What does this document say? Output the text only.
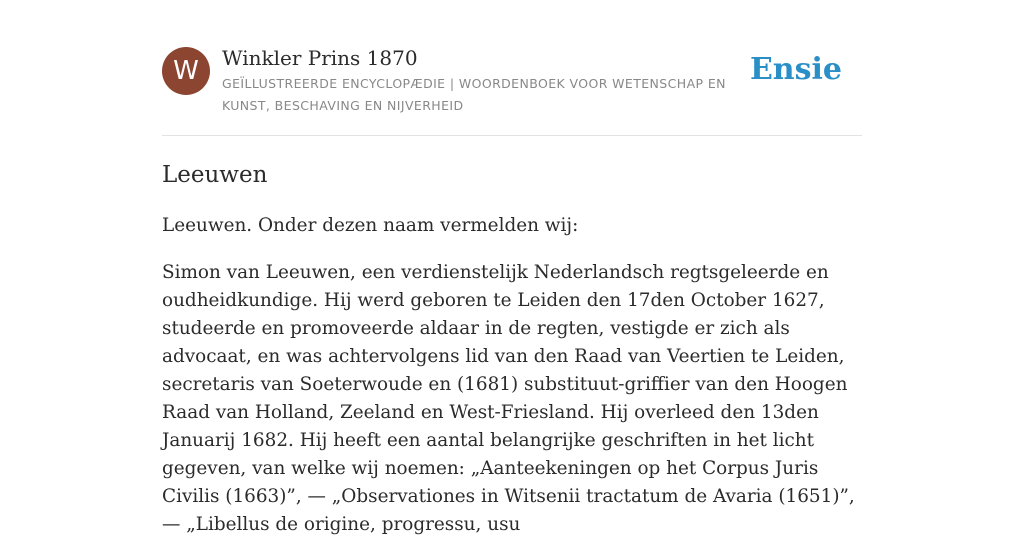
W	Winkler Prins 1870
GEÏLLUSTREERDE ENCYCLOPÆDIE | WOORDENBOEK VOOR WETENSCHAP EN KUNST, BESCHAVING EN NIJVERHEID
Ensie
Leeuwen

Leeuwen. Onder dezen naam vermelden wij:

Simon van Leeuwen, een verdienstelijk Nederlandsch regtsgeleerde en oudheidkundige. Hij werd geboren te Leiden den 17den October 1627, studeerde en promoveerde aldaar in de regten, vestigde er zich als advocaat, en was achtervolgens lid van den Raad van Veertien te Leiden, secretaris van Soeterwoude en (1681) substituut-griffier van den Hoogen Raad van Holland, Zeeland en West-Friesland. Hij overleed den 13den Januarij 1682. Hij heeft een aantal belangrijke geschriften in het licht gegeven, van welke wij noemen: „Aanteekeningen op het Corpus Juris Civilis (1663)”, — „Observationes in Witsenii tractatum de Avaria (1651)”, — „Libellus de origine, progressu, usu
